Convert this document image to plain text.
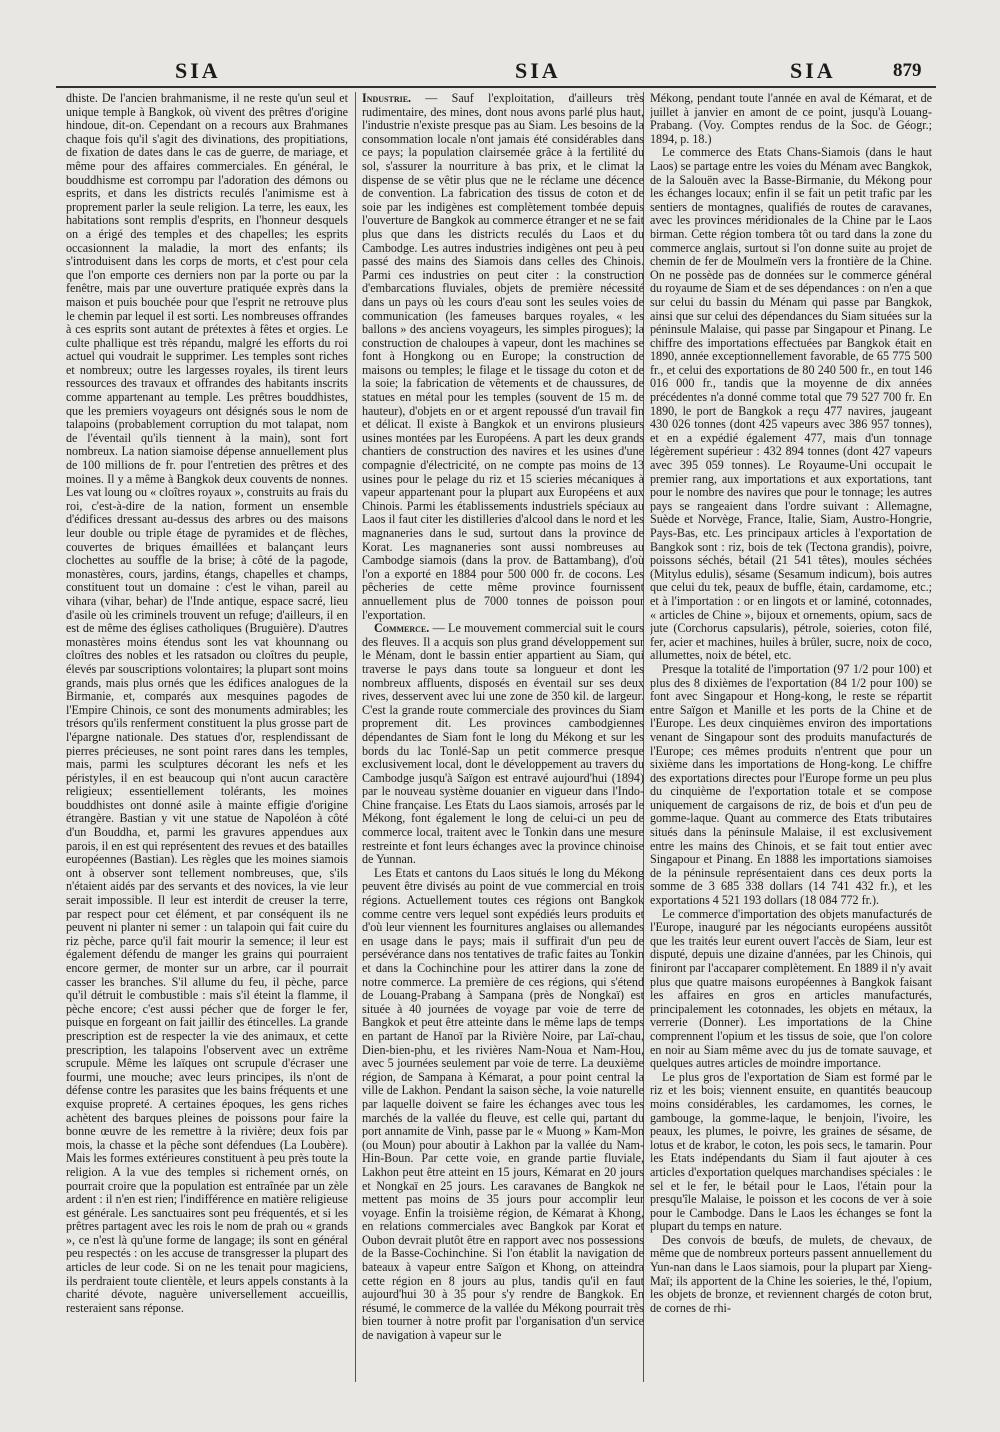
SIA	SIA	SIA	879

dhiste. De l'ancien brahmanisme, il ne reste qu'un seul et unique temple à Bangkok, où vivent des prêtres d'origine hindoue, dit-on. Cependant on a recours aux Brahmanes chaque fois qu'il s'agit des divinations, des propitiations, de fixation de dates dans le cas de guerre, de mariage, et même pour des affaires commerciales. En général, le bouddhisme est corrompu par l'adoration des démons ou esprits, et dans les districts reculés l'animisme est à proprement parler la seule religion. La terre, les eaux, les habitations sont remplis d'esprits, en l'honneur desquels on a érigé des temples et des chapelles; les esprits occasionnent la maladie, la mort des enfants; ils s'introduisent dans les corps de morts, et c'est pour cela que l'on emporte ces derniers non par la porte ou par la fenêtre, mais par une ouverture pratiquée exprès dans la maison et puis bouchée pour que l'esprit ne retrouve plus le chemin par lequel il est sorti. Les nombreuses offrandes à ces esprits sont autant de prétextes à fêtes et orgies. Le culte phallique est très répandu, malgré les efforts du roi actuel qui voudrait le supprimer. Les temples sont riches et nombreux; outre les largesses royales, ils tirent leurs ressources des travaux et offrandes des habitants inscrits comme appartenant au temple. Les prêtres bouddhistes, que les premiers voyageurs ont désignés sous le nom de talapoins (probablement corruption du mot talapat, nom de l'éventail qu'ils tiennent à la main), sont fort nombreux. La nation siamoise dépense annuellement plus de 100 millions de fr. pour l'entretien des prêtres et des moines. Il y a même à Bangkok deux couvents de nonnes. Les vat loung ou « cloîtres royaux », construits au frais du roi, c'est-à-dire de la nation, forment un ensemble d'édifices dressant au-dessus des arbres ou des maisons leur double ou triple étage de pyramides et de flèches, couvertes de briques émaillées et balançant leurs clochettes au souffle de la brise; à côté de la pagode, monastères, cours, jardins, étangs, chapelles et champs, constituent tout un domaine : c'est le vihan, pareil au vihara (vihar, behar) de l'Inde antique, espace sacré, lieu d'asile où les criminels trouvent un refuge; d'ailleurs, il en est de même des églises catholiques (Bruguière). D'autres monastères moins étendus sont les vat khounnang ou cloîtres des nobles et les ratsadon ou cloîtres du peuple, élevés par souscriptions volontaires; la plupart sont moins grands, mais plus ornés que les édifices analogues de la Birmanie, et, comparés aux mesquines pagodes de l'Empire Chinois, ce sont des monuments admirables; les trésors qu'ils renferment constituent la plus grosse part de l'épargne nationale. Des statues d'or, resplendissant de pierres précieuses, ne sont point rares dans les temples, mais, parmi les sculptures décorant les nefs et les péristyles, il en est beaucoup qui n'ont aucun caractère religieux; essentiellement tolérants, les moines bouddhistes ont donné asile à mainte effigie d'origine étrangère. Bastian y vit une statue de Napoléon à côté d'un Bouddha, et, parmi les gravures appendues aux parois, il en est qui représentent des revues et des batailles européennes (Bastian). Les règles que les moines siamois ont à observer sont tellement nombreuses, que, s'ils n'étaient aidés par des servants et des novices, la vie leur serait impossible. Il leur est interdit de creuser la terre, par respect pour cet élément, et par conséquent ils ne peuvent ni planter ni semer : un talapoin qui fait cuire du riz pèche, parce qu'il fait mourir la semence; il leur est également défendu de manger les grains qui pourraient encore germer, de monter sur un arbre, car il pourrait casser les branches. S'il allume du feu, il pèche, parce qu'il détruit le combustible : mais s'il éteint la flamme, il pèche encore; c'est aussi pécher que de forger le fer, puisque en forgeant on fait jaillir des étincelles. La grande prescription est de respecter la vie des animaux, et cette prescription, les talapoins l'observent avec un extrême scrupule. Même les laïques ont scrupule d'écraser une fourmi, une mouche; avec leurs principes, ils n'ont de défense contre les parasites que les bains fréquents et une exquise propreté. A certaines époques, les gens riches achètent des barques pleines de poissons pour faire la bonne œuvre de les remettre à la rivière; deux fois par mois, la chasse et la pêche sont défendues (La Loubère). Mais les formes extérieures constituent à peu près toute la religion. A la vue des temples si richement ornés, on pourrait croire que la population est entraînée par un zèle ardent : il n'en est rien; l'indifférence en matière religieuse est générale. Les sanctuaires sont peu fréquentés, et si les prêtres partagent avec les rois le nom de prah ou « grands », ce n'est là qu'une forme de langage; ils sont en général peu respectés : on les accuse de transgresser la plupart des articles de leur code. Si on ne les tenait pour magiciens, ils perdraient toute clientèle, et leurs appels constants à la charité dévote, naguère universellement accueillis, resteraient sans réponse.

Industrie. — Sauf l'exploitation, d'ailleurs très rudimentaire, des mines, dont nous avons parlé plus haut, l'industrie n'existe presque pas au Siam. Les besoins de la consommation locale n'ont jamais été considérables dans ce pays; la population clairsemée grâce à la fertilité du sol, s'assurer la nourriture à bas prix, et le climat la dispense de se vêtir plus que ne le réclame une décence de convention. La fabrication des tissus de coton et de soie par les indigènes est complètement tombée depuis l'ouverture de Bangkok au commerce étranger et ne se fait plus que dans les districts reculés du Laos et du Cambodge. Les autres industries indigènes ont peu à peu passé des mains des Siamois dans celles des Chinois. Parmi ces industries on peut citer : la construction d'embarcations fluviales, objets de première nécessité dans un pays où les cours d'eau sont les seules voies de communication (les fameuses barques royales, « les ballons » des anciens voyageurs, les simples pirogues); la construction de chaloupes à vapeur, dont les machines se font à Hongkong ou en Europe; la construction de maisons ou temples; le filage et le tissage du coton et de la soie; la fabrication de vêtements et de chaussures, de statues en métal pour les temples (souvent de 15 m. de hauteur), d'objets en or et argent repoussé d'un travail fin et délicat. Il existe à Bangkok et un environs plusieurs usines montées par les Européens. A part les deux grands chantiers de construction des navires et les usines d'une compagnie d'électricité, on ne compte pas moins de 13 usines pour le pelage du riz et 15 scieries mécaniques à vapeur appartenant pour la plupart aux Européens et aux Chinois. Parmi les établissements industriels spéciaux au Laos il faut citer les distilleries d'alcool dans le nord et les magnaneries dans le sud, surtout dans la province de Korat. Les magnaneries sont aussi nombreuses au Cambodge siamois (dans la prov. de Battambang), d'où l'on a exporté en 1884 pour 500 000 fr. de cocons. Les pêcheries de cette même province fournissent annuellement plus de 7000 tonnes de poisson pour l'exportation.

Commerce. — Le mouvement commercial suit le cours des fleuves. Il a acquis son plus grand développement sur le Ménam, dont le bassin entier appartient au Siam, qui traverse le pays dans toute sa longueur et dont les nombreux affluents, disposés en éventail sur ses deux rives, desservent avec lui une zone de 350 kil. de largeur. C'est la grande route commerciale des provinces du Siam proprement dit. Les provinces cambodgiennes dépendantes de Siam font le long du Mékong et sur les bords du lac Tonlé-Sap un petit commerce presque exclusivement local, dont le développement au travers du Cambodge jusqu'à Saïgon est entravé aujourd'hui (1894) par le nouveau système douanier en vigueur dans l'Indo-Chine française. Les Etats du Laos siamois, arrosés par le Mékong, font également le long de celui-ci un peu de commerce local, traitent avec le Tonkin dans une mesure restreinte et font leurs échanges avec la province chinoise de Yunnan.

Les Etats et cantons du Laos situés le long du Mékong peuvent être divisés au point de vue commercial en trois régions. Actuellement toutes ces régions ont Bangkok comme centre vers lequel sont expédiés leurs produits et d'où leur viennent les fournitures anglaises ou allemandes en usage dans le pays; mais il suffirait d'un peu de persévérance dans nos tentatives de trafic faites au Tonkin et dans la Cochinchine pour les attirer dans la zone de notre commerce. La première de ces régions, qui s'étend de Louang-Prabang à Sampana (près de Nongkaï) est située à 40 journées de voyage par voie de terre de Bangkok et peut être atteinte dans le même laps de temps en partant de Hanoï par la Rivière Noire, par Laï-chau, Dien-bien-phu, et les rivières Nam-Noua et Nam-Hou, avec 5 journées seulement par voie de terre. La deuxième région, de Sampana à Kémarat, a pour point central la ville de Lakhon. Pendant la saison sèche, la voie naturelle par laquelle doivent se faire les échanges avec tous les marchés de la vallée du fleuve, est celle qui, partant du port annamite de Vinh, passe par le « Muong » Kam-Mon (ou Moun) pour aboutir à Lakhon par la vallée du Nam-Hin-Boun. Par cette voie, en grande partie fluviale, Lakhon peut être atteint en 15 jours, Kémarat en 20 jours et Nongkaï en 25 jours. Les caravanes de Bangkok ne mettent pas moins de 35 jours pour accomplir leur voyage. Enfin la troisième région, de Kémarat à Khong, en relations commerciales avec Bangkok par Korat et Oubon devrait plutôt être en rapport avec nos possessions de la Basse-Cochinchine. Si l'on établit la navigation de bateaux à vapeur entre Saïgon et Khong, on atteindra cette région en 8 jours au plus, tandis qu'il en faut aujourd'hui 30 à 35 pour s'y rendre de Bangkok. En résumé, le commerce de la vallée du Mékong pourrait très bien tourner à notre profit par l'organisation d'un service de navigation à vapeur sur le

Mékong, pendant toute l'année en aval de Kémarat, et de juillet à janvier en amont de ce point, jusqu'à Louang-Prabang. (Voy. Comptes rendus de la Soc. de Géogr.; 1894, p. 18.)

Le commerce des Etats Chans-Siamois (dans le haut Laos) se partage entre les voies du Ménam avec Bangkok, de la Salouën avec la Basse-Birmanie, du Mékong pour les échanges locaux; enfin il se fait un petit trafic par les sentiers de montagnes, qualifiés de routes de caravanes, avec les provinces méridionales de la Chine par le Laos birman. Cette région tombera tôt ou tard dans la zone du commerce anglais, surtout si l'on donne suite au projet de chemin de fer de Moulmeïn vers la frontière de la Chine. On ne possède pas de données sur le commerce général du royaume de Siam et de ses dépendances : on n'en a que sur celui du bassin du Ménam qui passe par Bangkok, ainsi que sur celui des dépendances du Siam situées sur la péninsule Malaise, qui passe par Singapour et Pinang. Le chiffre des importations effectuées par Bangkok était en 1890, année exceptionnellement favorable, de 65 775 500 fr., et celui des exportations de 80 240 500 fr., en tout 146 016 000 fr., tandis que la moyenne de dix années précédentes n'a donné comme total que 79 527 700 fr. En 1890, le port de Bangkok a reçu 477 navires, jaugeant 430 026 tonnes (dont 425 vapeurs avec 386 957 tonnes), et en a expédié également 477, mais d'un tonnage légèrement supérieur : 432 894 tonnes (dont 427 vapeurs avec 395 059 tonnes). Le Royaume-Uni occupait le premier rang, aux importations et aux exportations, tant pour le nombre des navires que pour le tonnage; les autres pays se rangeaient dans l'ordre suivant : Allemagne, Suède et Norvège, France, Italie, Siam, Austro-Hongrie, Pays-Bas, etc. Les principaux articles à l'exportation de Bangkok sont : riz, bois de tek (Tectona grandis), poivre, poissons séchés, bétail (21 541 têtes), moules séchées (Mitylus edulis), sésame (Sesamum indicum), bois autres que celui du tek, peaux de buffle, étain, cardamome, etc.; et à l'importation : or en lingots et or laminé, cotonnades, « articles de Chine », bijoux et ornements, opium, sacs de jute (Corchorus capsularis), pétrole, soieries, coton filé, fer, acier et machines, huiles à brûler, sucre, noix de coco, allumettes, noix de bétel, etc.

Presque la totalité de l'importation (97 1/2 pour 100) et plus des 8 dixièmes de l'exportation (84 1/2 pour 100) se font avec Singapour et Hong-kong, le reste se répartit entre Saïgon et Manille et les ports de la Chine et de l'Europe. Les deux cinquièmes environ des importations venant de Singapour sont des produits manufacturés de l'Europe; ces mêmes produits n'entrent que pour un sixième dans les importations de Hong-kong. Le chiffre des exportations directes pour l'Europe forme un peu plus du cinquième de l'exportation totale et se compose uniquement de cargaisons de riz, de bois et d'un peu de gomme-laque. Quant au commerce des Etats tributaires situés dans la péninsule Malaise, il est exclusivement entre les mains des Chinois, et se fait tout entier avec Singapour et Pinang. En 1888 les importations siamoises de la péninsule représentaient dans ces deux ports la somme de 3 685 338 dollars (14 741 432 fr.), et les exportations 4 521 193 dollars (18 084 772 fr.).

Le commerce d'importation des objets manufacturés de l'Europe, inauguré par les négociants européens aussitôt que les traités leur eurent ouvert l'accès de Siam, leur est disputé, depuis une dizaine d'années, par les Chinois, qui finiront par l'accaparer complètement. En 1889 il n'y avait plus que quatre maisons européennes à Bangkok faisant les affaires en gros en articles manufacturés, principalement les cotonnades, les objets en métaux, la verrerie (Donner). Les importations de la Chine comprennent l'opium et les tissus de soie, que l'on colore en noir au Siam même avec du jus de tomate sauvage, et quelques autres articles de moindre importance.

Le plus gros de l'exportation de Siam est formé par le riz et les bois; viennent ensuite, en quantités beaucoup moins considérables, les cardamomes, les cornes, le gambouge, la gomme-laque, le benjoin, l'ivoire, les peaux, les plumes, le poivre, les graines de sésame, de lotus et de krabor, le coton, les pois secs, le tamarin. Pour les Etats indépendants du Siam il faut ajouter à ces articles d'exportation quelques marchandises spéciales : le sel et le fer, le bétail pour le Laos, l'étain pour la presqu'île Malaise, le poisson et les cocons de ver à soie pour le Cambodge. Dans le Laos les échanges se font la plupart du temps en nature.

Des convois de bœufs, de mulets, de chevaux, de même que de nombreux porteurs passent annuellement du Yun-nan dans le Laos siamois, pour la plupart par Xieng-Maï; ils apportent de la Chine les soieries, le thé, l'opium, les objets de bronze, et reviennent chargés de coton brut, de cornes de rhi-
